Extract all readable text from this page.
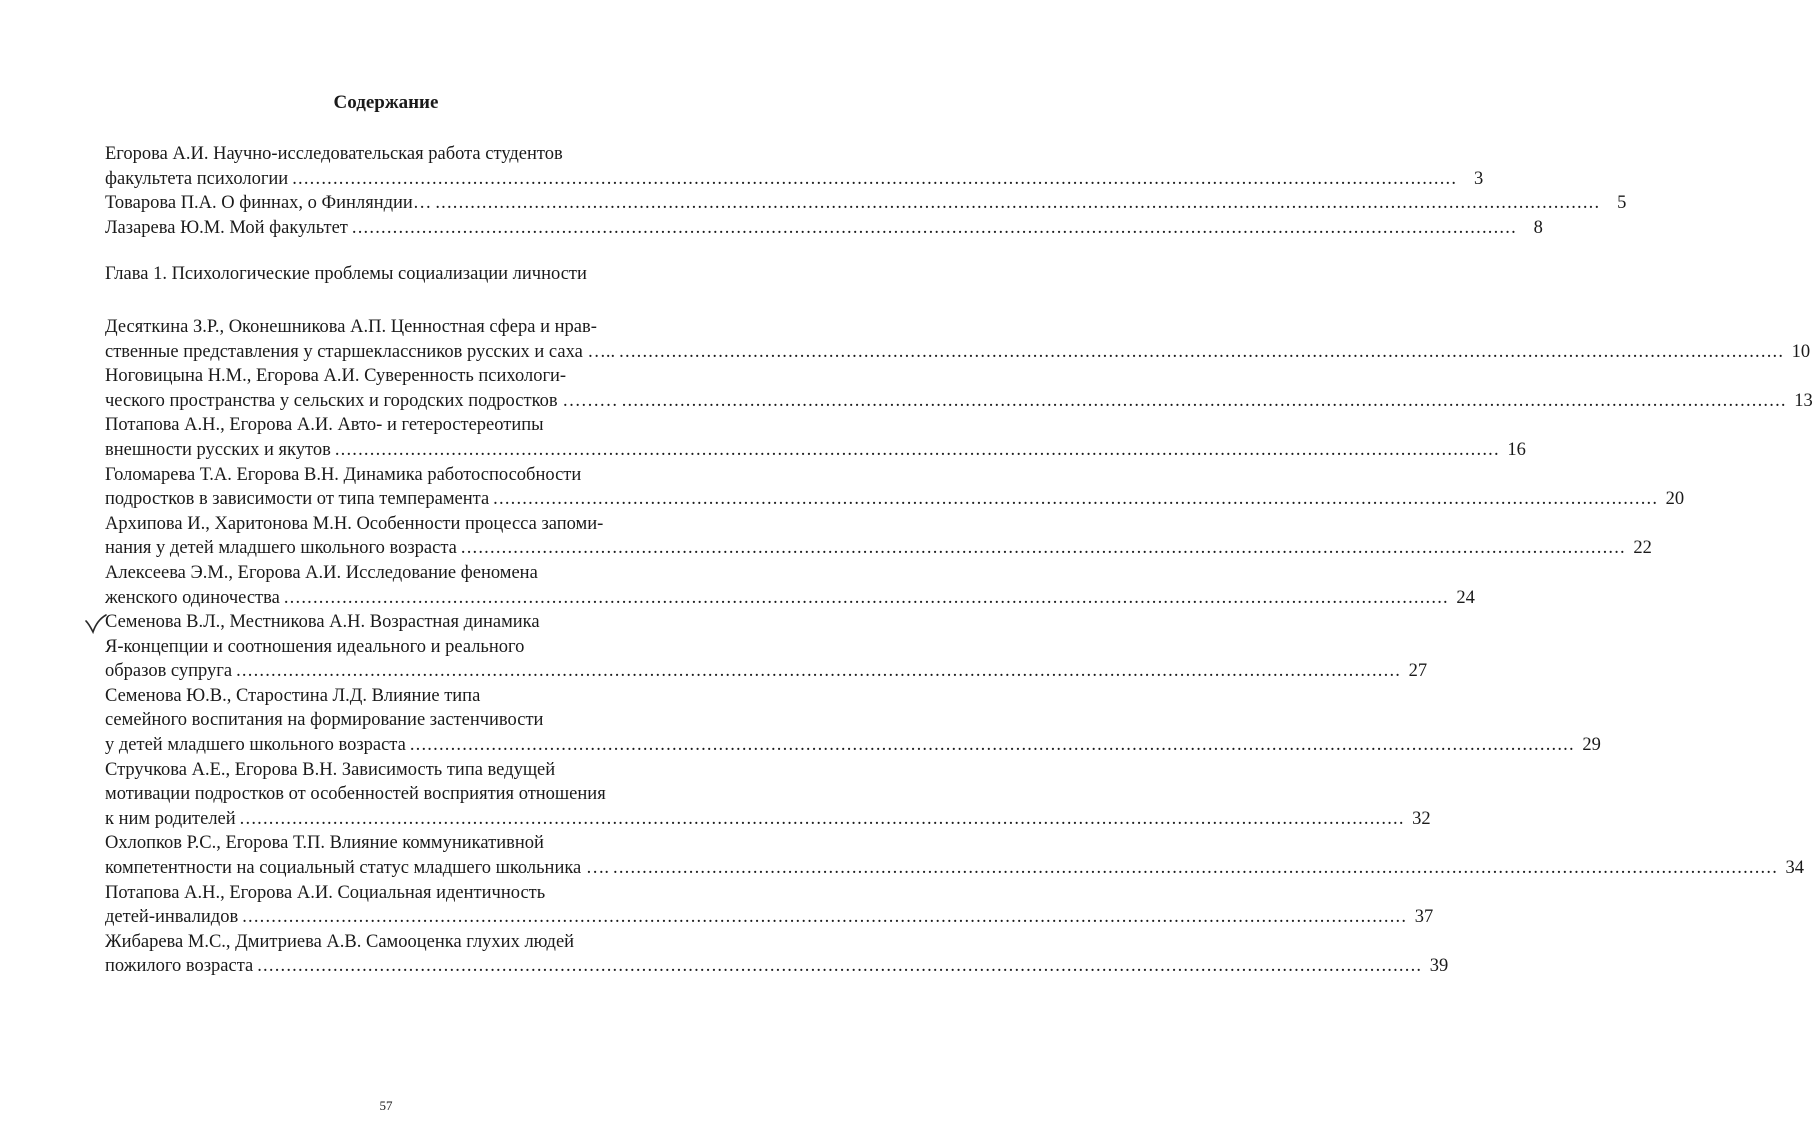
Содержание
Егорова А.И. Научно-исследовательская работа студентов
факультета психологии ........................................................................................................................................................................................................ 3
Товарова П.А. О финнах, о Финляндии… ........................................................................................................................................................................................................ 5
Лазарева Ю.М. Мой факультет ........................................................................................................................................................................................................ 8
Глава 1. Психологические проблемы социализации личности
Десяткина З.Р., Оконешникова А.П. Ценностная сфера и нрав-
ственные представления у старшеклассников русских и саха ….. ........................................................................................................................................................................................................ 10
Ноговицына Н.М., Егорова А.И. Суверенность психологи-
ческого пространства у сельских и городских подростков ……… ........................................................................................................................................................................................................ 13
Потапова А.Н., Егорова А.И. Авто- и гетеростереотипы
внешности русских и якутов ........................................................................................................................................................................................................ 16
Голомарева Т.А. Егорова В.Н. Динамика работоспособности
подростков в зависимости от типа темперамента ........................................................................................................................................................................................................ 20
Архипова И., Харитонова М.Н. Особенности процесса запоми-
нания у детей младшего школьного возраста ........................................................................................................................................................................................................ 22
Алексеева Э.М., Егорова А.И. Исследование феномена
женского одиночества ........................................................................................................................................................................................................ 24
Семенова В.Л., Местникова А.Н. Возрастная динамика
Я-концепции и соотношения идеального и реального
образов супруга ........................................................................................................................................................................................................ 27
Семенова Ю.В., Старостина Л.Д. Влияние типа
семейного воспитания на формирование застенчивости
у детей младшего школьного возраста ........................................................................................................................................................................................................ 29
Стручкова А.Е., Егорова В.Н. Зависимость типа ведущей
мотивации подростков от особенностей восприятия отношения
к ним родителей ........................................................................................................................................................................................................ 32
Охлопков Р.С., Егорова Т.П. Влияние коммуникативной
компетентности на социальный статус младшего школьника …. ........................................................................................................................................................................................................ 34
Потапова А.Н., Егорова А.И. Социальная идентичность
детей-инвалидов ........................................................................................................................................................................................................ 37
Жибарева М.С., Дмитриева А.В. Самооценка глухих людей
пожилого возраста ........................................................................................................................................................................................................ 39
57
